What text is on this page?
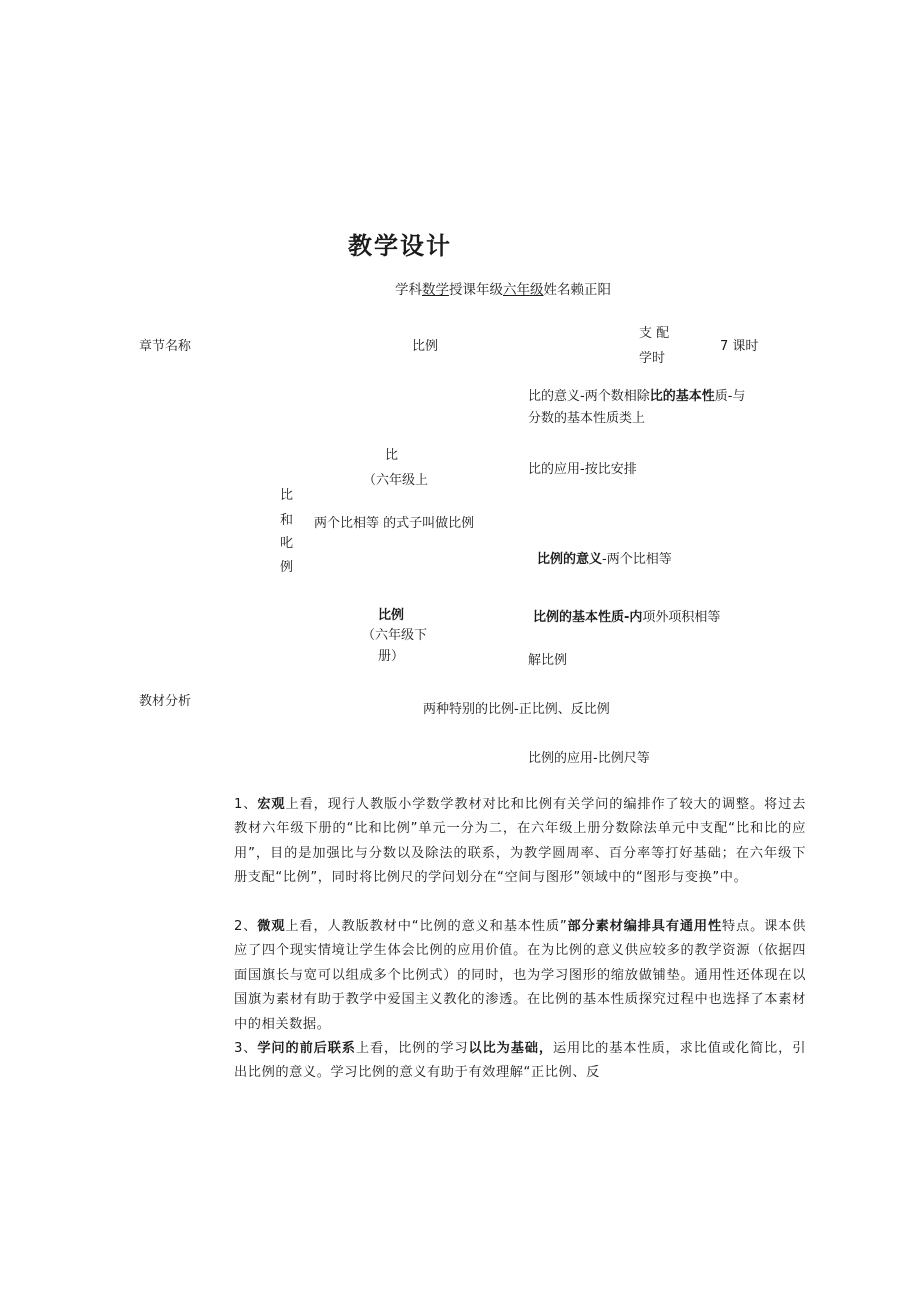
教学设计
学科数学授课年级六年级姓名赖正阳
章节名称	比例
支 配
学时
7 课时
比的意义-两个数相除比的基本性质-与
分数的基本性质类上
比
（六年级上
比的应用-按比安排
比
和
叱
例
两个比相等 的式子叫做比例
比例的意义-两个比相等
比例	比例的基本性质-内项外项积相等
（六年级下
册）	解比例
教材分析
两种特别的比例-正比例、反比例
比例的应用-比例尺等
1、宏观上看，现行人教版小学数学教材对比和比例有关学问的编排作了较大的调整。将过去教材六年级下册的“比和比例”单元一分为二，在六年级上册分数除法单元中支配“比和比的应用”，目的是加强比与分数以及除法的联系，为教学圆周率、百分率等打好基础；在六年级下册支配“比例”，同时将比例尺的学问划分在“空间与图形”领域中的“图形与变换”中。
2、微观上看，人教版教材中“比例的意义和基本性质”部分素材编排具有通用性特点。课本供应了四个现实情境让学生体会比例的应用价值。在为比例的意义供应较多的教学资源（依据四面国旗长与宽可以组成多个比例式）的同时，也为学习图形的缩放做铺垫。通用性还体现在以国旗为素材有助于教学中爱国主义教化的渗透。在比例的基本性质探究过程中也选择了本素材中的相关数据。
3、学问的前后联系上看，比例的学习以比为基础，运用比的基本性质，求比值或化简比，引出比例的意义。学习比例的意义有助于有效理解“正比例、反
